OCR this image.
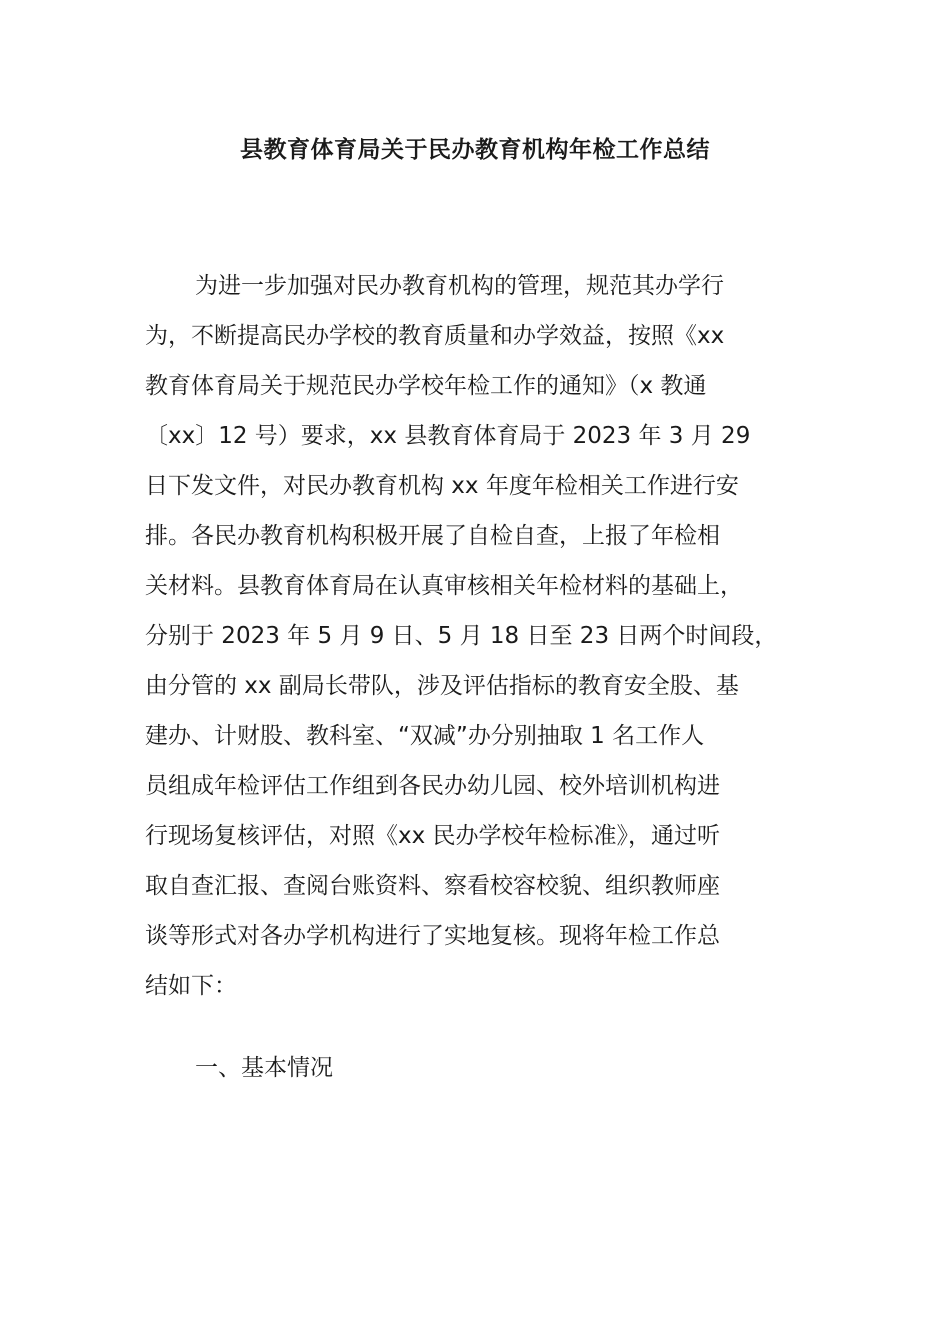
县教育体育局关于民办教育机构年检工作总结
为进一步加强对民办教育机构的管理，规范其办学行
为，不断提高民办学校的教育质量和办学效益，按照《xx
教育体育局关于规范民办学校年检工作的通知》（x 教通
〔xx〕12 号）要求，xx 县教育体育局于 2023 年 3 月 29
日下发文件，对民办教育机构 xx 年度年检相关工作进行安
排。各民办教育机构积极开展了自检自查，上报了年检相
关材料。县教育体育局在认真审核相关年检材料的基础上，
分别于 2023 年 5 月 9 日、5 月 18 日至 23 日两个时间段，
由分管的 xx 副局长带队，涉及评估指标的教育安全股、基
建办、计财股、教科室、“双减”办分别抽取 1 名工作人
员组成年检评估工作组到各民办幼儿园、校外培训机构进
行现场复核评估，对照《xx 民办学校年检标准》，通过听
取自查汇报、查阅台账资料、察看校容校貌、组织教师座
谈等形式对各办学机构进行了实地复核。现将年检工作总
结如下：
一、基本情况
